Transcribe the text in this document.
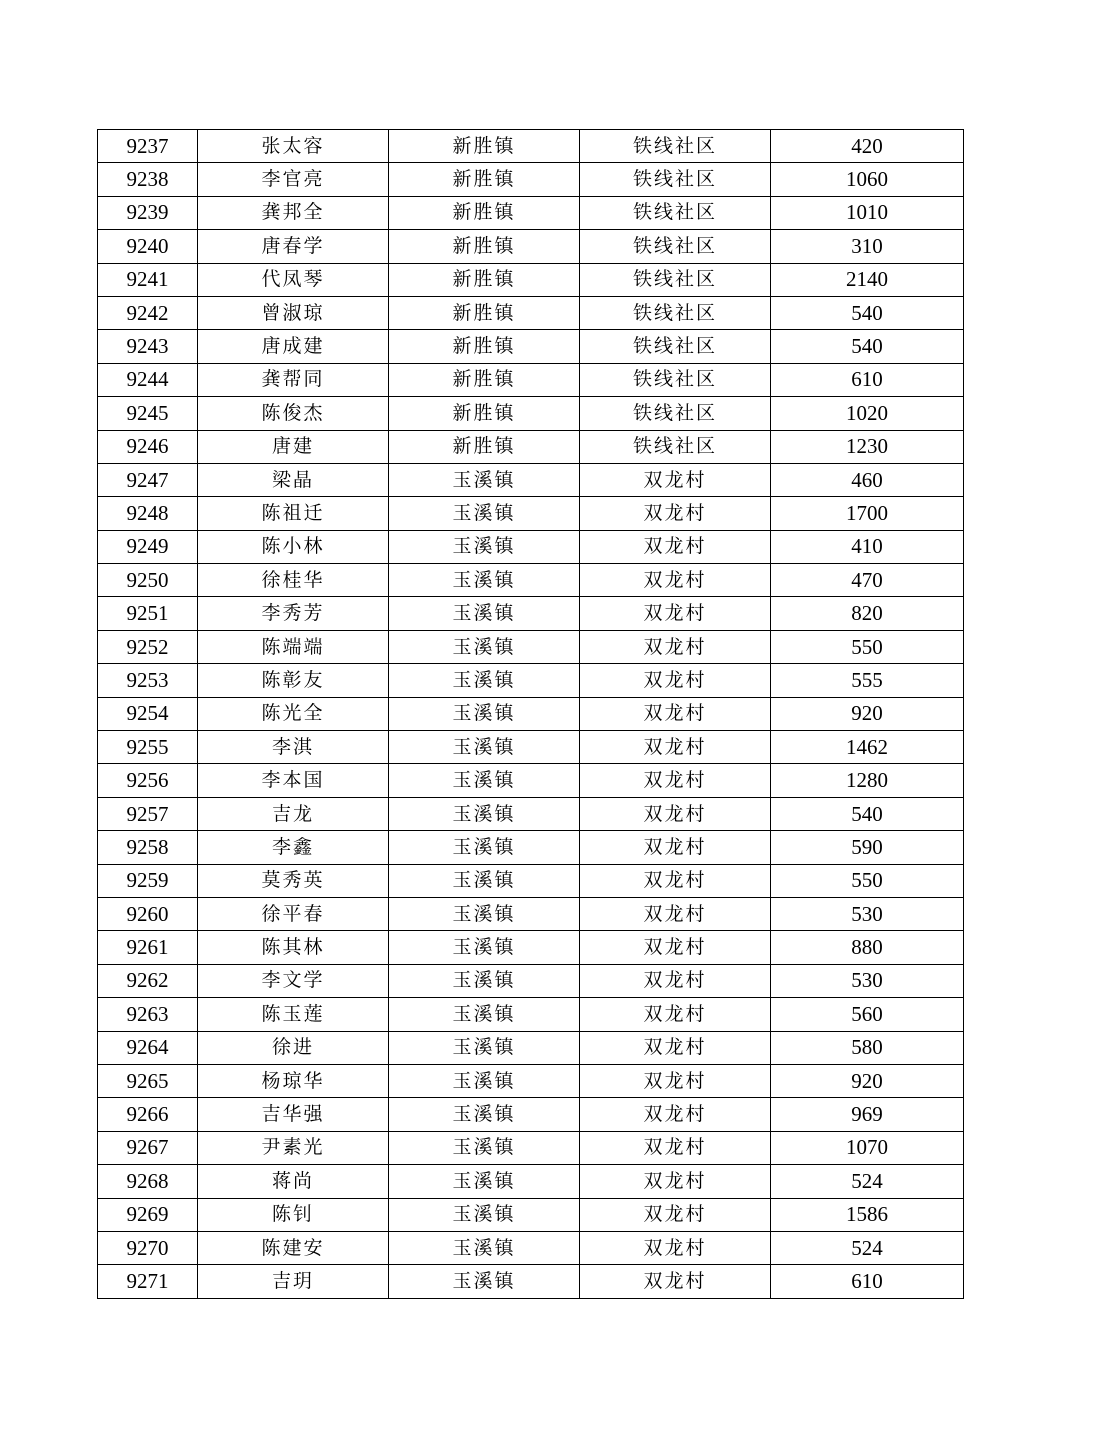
9237	张太容	新胜镇	铁线社区	420
9238	李官亮	新胜镇	铁线社区	1060
9239	龚邦全	新胜镇	铁线社区	1010
9240	唐春学	新胜镇	铁线社区	310
9241	代凤琴	新胜镇	铁线社区	2140
9242	曾淑琼	新胜镇	铁线社区	540
9243	唐成建	新胜镇	铁线社区	540
9244	龚帮同	新胜镇	铁线社区	610
9245	陈俊杰	新胜镇	铁线社区	1020
9246	唐建	新胜镇	铁线社区	1230
9247	梁晶	玉溪镇	双龙村	460
9248	陈祖迁	玉溪镇	双龙村	1700
9249	陈小林	玉溪镇	双龙村	410
9250	徐桂华	玉溪镇	双龙村	470
9251	李秀芳	玉溪镇	双龙村	820
9252	陈端端	玉溪镇	双龙村	550
9253	陈彰友	玉溪镇	双龙村	555
9254	陈光全	玉溪镇	双龙村	920
9255	李淇	玉溪镇	双龙村	1462
9256	李本国	玉溪镇	双龙村	1280
9257	吉龙	玉溪镇	双龙村	540
9258	李鑫	玉溪镇	双龙村	590
9259	莫秀英	玉溪镇	双龙村	550
9260	徐平春	玉溪镇	双龙村	530
9261	陈其林	玉溪镇	双龙村	880
9262	李文学	玉溪镇	双龙村	530
9263	陈玉莲	玉溪镇	双龙村	560
9264	徐进	玉溪镇	双龙村	580
9265	杨琼华	玉溪镇	双龙村	920
9266	吉华强	玉溪镇	双龙村	969
9267	尹素光	玉溪镇	双龙村	1070
9268	蒋尚	玉溪镇	双龙村	524
9269	陈钊	玉溪镇	双龙村	1586
9270	陈建安	玉溪镇	双龙村	524
9271	吉玥	玉溪镇	双龙村	610
